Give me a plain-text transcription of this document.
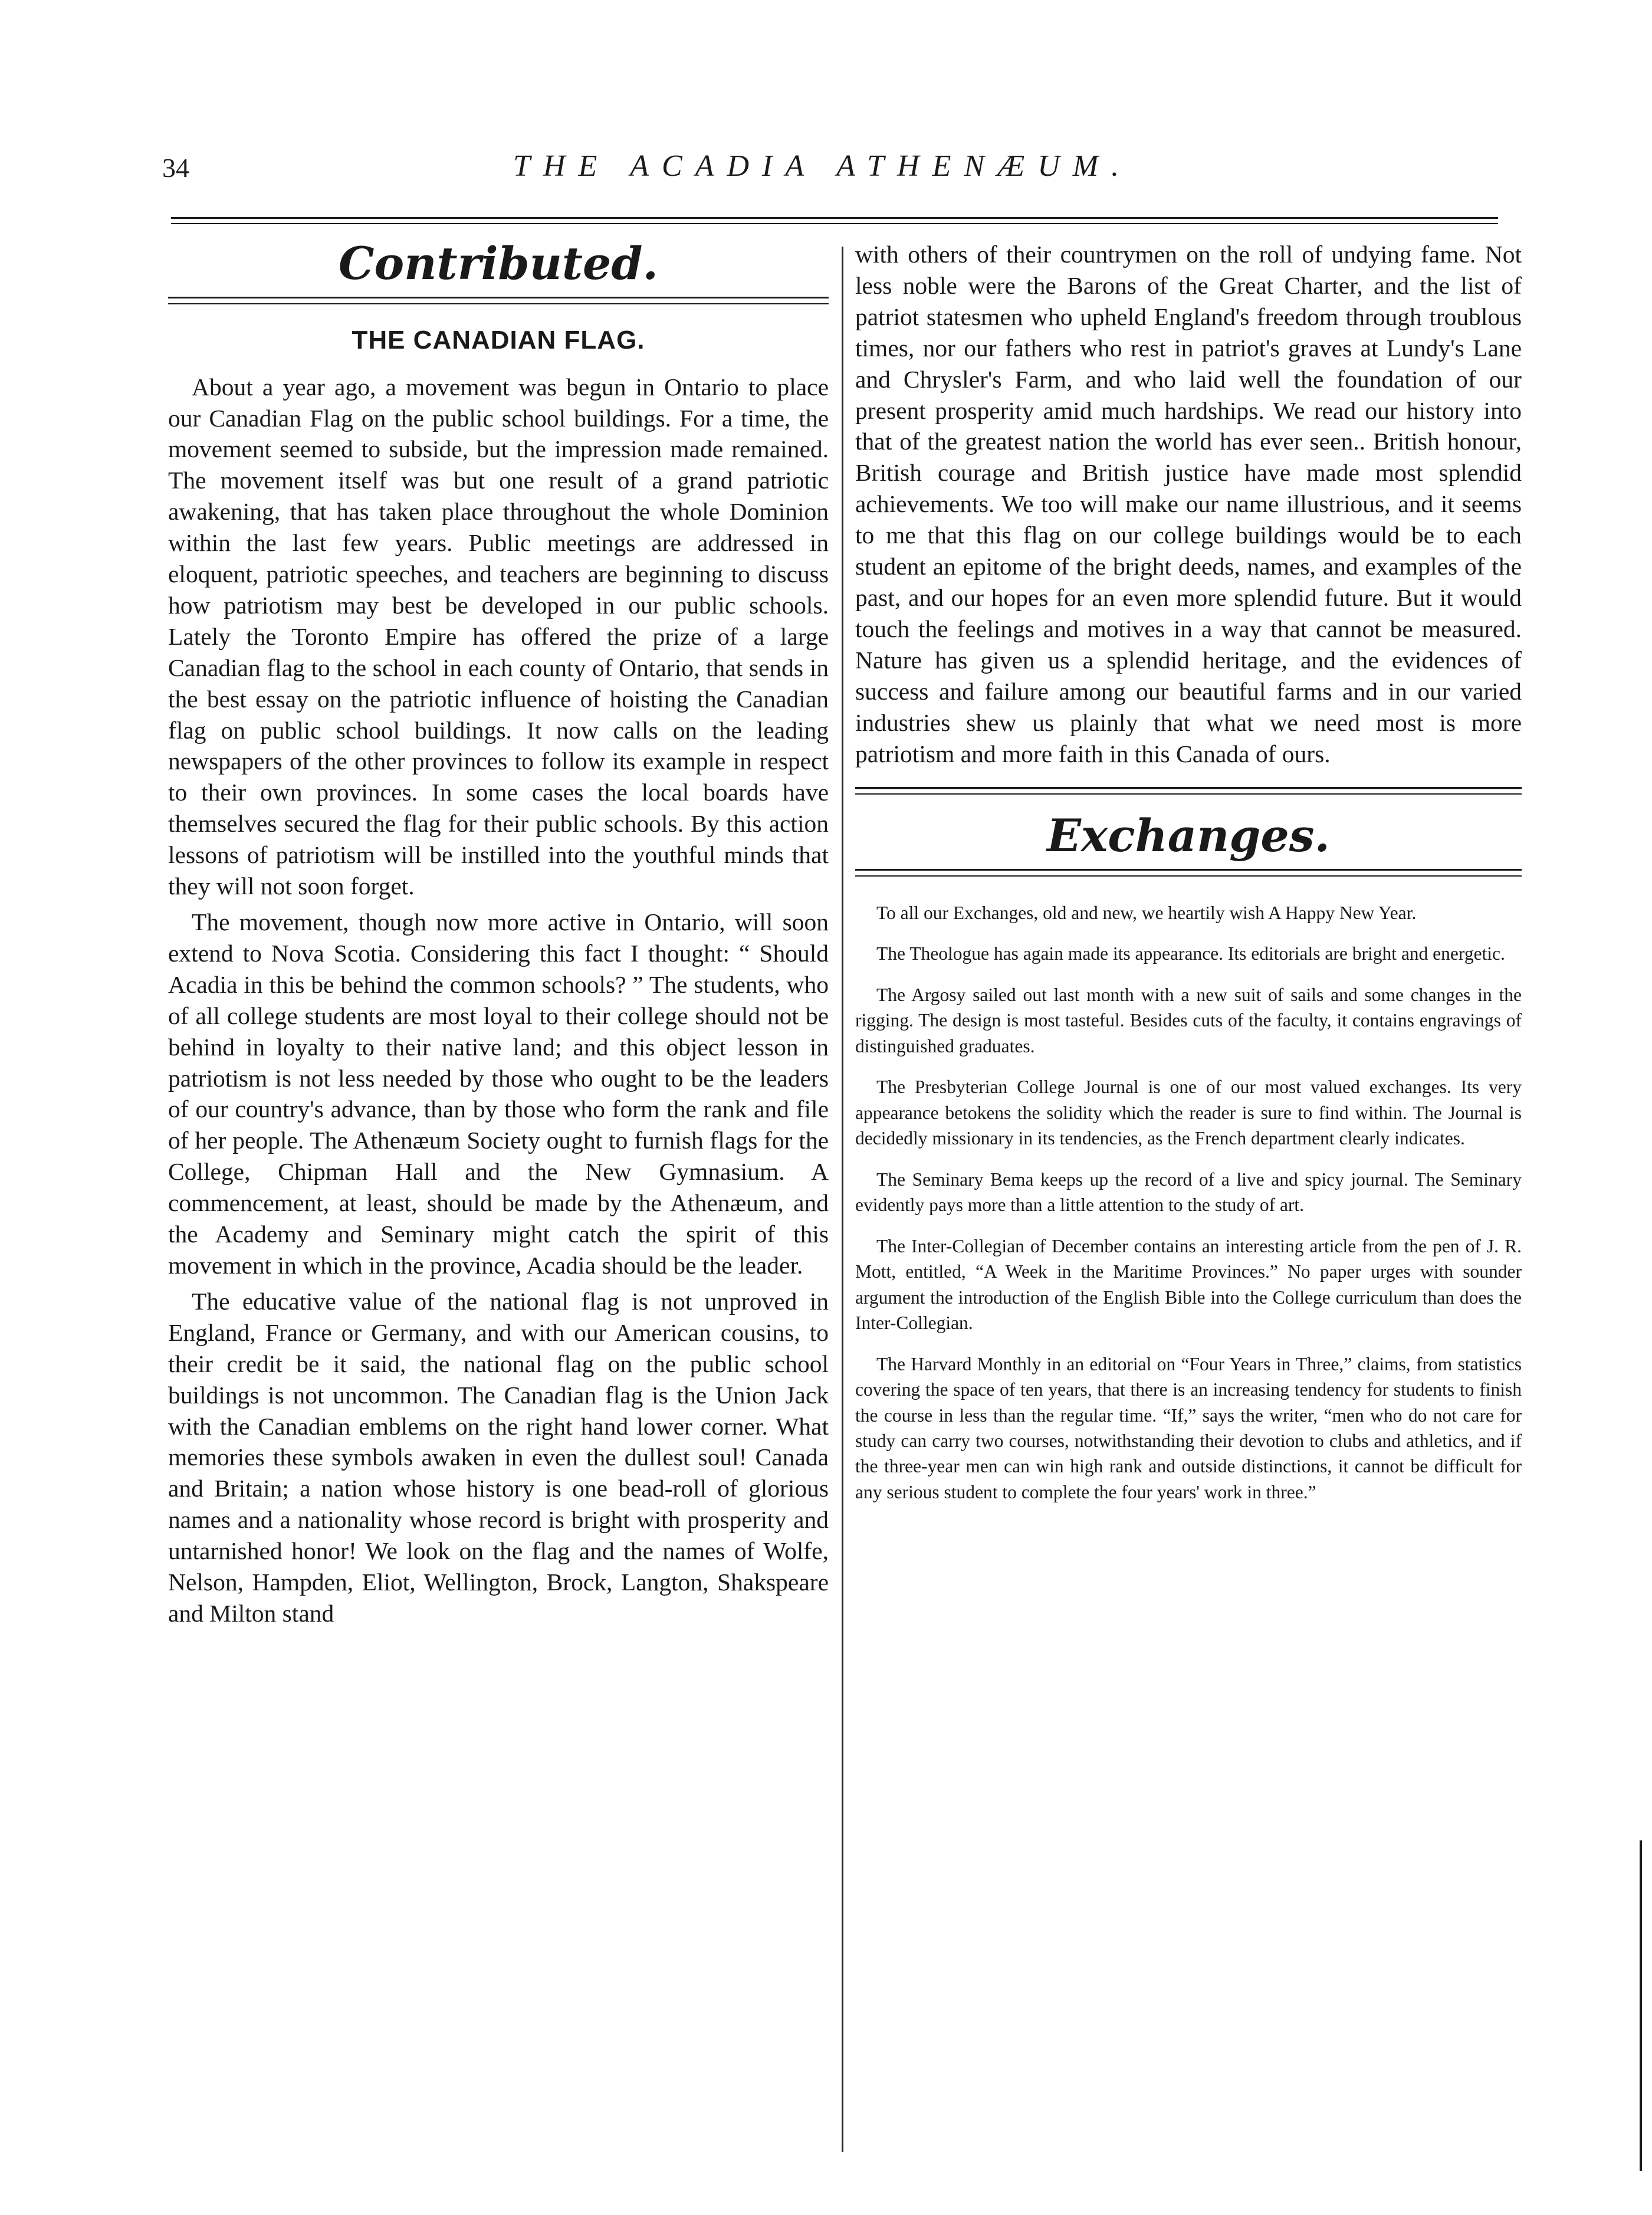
34	THE ACADIA ATHENÆUM.
Contributed.
THE CANADIAN FLAG.

About a year ago, a movement was begun in Ontario to place our Canadian Flag on the public school buildings. For a time, the movement seemed to subside, but the impression made remained. The movement itself was but one result of a grand patriotic awakening, that has taken place throughout the whole Dominion within the last few years. Public meetings are addressed in eloquent, patriotic speeches, and teachers are beginning to discuss how patriotism may best be developed in our public schools. Lately the Toronto Empire has offered the prize of a large Canadian flag to the school in each county of Ontario, that sends in the best essay on the patriotic influence of hoisting the Canadian flag on public school buildings. It now calls on the leading newspapers of the other provinces to follow its example in respect to their own provinces. In some cases the local boards have themselves secured the flag for their public schools. By this action lessons of patriotism will be instilled into the youthful minds that they will not soon forget.

The movement, though now more active in Ontario, will soon extend to Nova Scotia. Considering this fact I thought: “ Should Acadia in this be behind the common schools? ” The students, who of all college students are most loyal to their college should not be behind in loyalty to their native land; and this object lesson in patriotism is not less needed by those who ought to be the leaders of our country's advance, than by those who form the rank and file of her people. The Athenæum Society ought to furnish flags for the College, Chipman Hall and the New Gymnasium. A commencement, at least, should be made by the Athenæum, and the Academy and Seminary might catch the spirit of this movement in which in the province, Acadia should be the leader.

The educative value of the national flag is not unproved in England, France or Germany, and with our American cousins, to their credit be it said, the national flag on the public school buildings is not uncommon. The Canadian flag is the Union Jack with the Canadian emblems on the right hand lower corner. What memories these symbols awaken in even the dullest soul! Canada and Britain; a nation whose history is one bead-roll of glorious names and a nationality whose record is bright with prosperity and untarnished honor! We look on the flag and the names of Wolfe, Nelson, Hampden, Eliot, Wellington, Brock, Langton, Shakspeare and Milton stand

with others of their countrymen on the roll of undying fame. Not less noble were the Barons of the Great Charter, and the list of patriot statesmen who upheld England's freedom through troublous times, nor our fathers who rest in patriot's graves at Lundy's Lane and Chrysler's Farm, and who laid well the foundation of our present prosperity amid much hardships. We read our history into that of the greatest nation the world has ever seen.. British honour, British courage and British justice have made most splendid achievements. We too will make our name illustrious, and it seems to me that this flag on our college buildings would be to each student an epitome of the bright deeds, names, and examples of the past, and our hopes for an even more splendid future. But it would touch the feelings and motives in a way that cannot be measured. Nature has given us a splendid heritage, and the evidences of success and failure among our beautiful farms and in our varied industries shew us plainly that what we need most is more patriotism and more faith in this Canada of ours.

Exchanges.

To all our Exchanges, old and new, we heartily wish A Happy New Year.

The Theologue has again made its appearance. Its editorials are bright and energetic.

The Argosy sailed out last month with a new suit of sails and some changes in the rigging. The design is most tasteful. Besides cuts of the faculty, it contains engravings of distinguished graduates.

The Presbyterian College Journal is one of our most valued exchanges. Its very appearance betokens the solidity which the reader is sure to find within. The Journal is decidedly missionary in its tendencies, as the French department clearly indicates.

The Seminary Bema keeps up the record of a live and spicy journal. The Seminary evidently pays more than a little attention to the study of art.

The Inter-Collegian of December contains an interesting article from the pen of J. R. Mott, entitled, “A Week in the Maritime Provinces.” No paper urges with sounder argument the introduction of the English Bible into the College curriculum than does the Inter-Collegian.

The Harvard Monthly in an editorial on “Four Years in Three,” claims, from statistics covering the space of ten years, that there is an increasing tendency for students to finish the course in less than the regular time. “If,” says the writer, “men who do not care for study can carry two courses, notwithstanding their devotion to clubs and athletics, and if the three-year men can win high rank and outside distinctions, it cannot be difficult for any serious student to complete the four years' work in three.”
